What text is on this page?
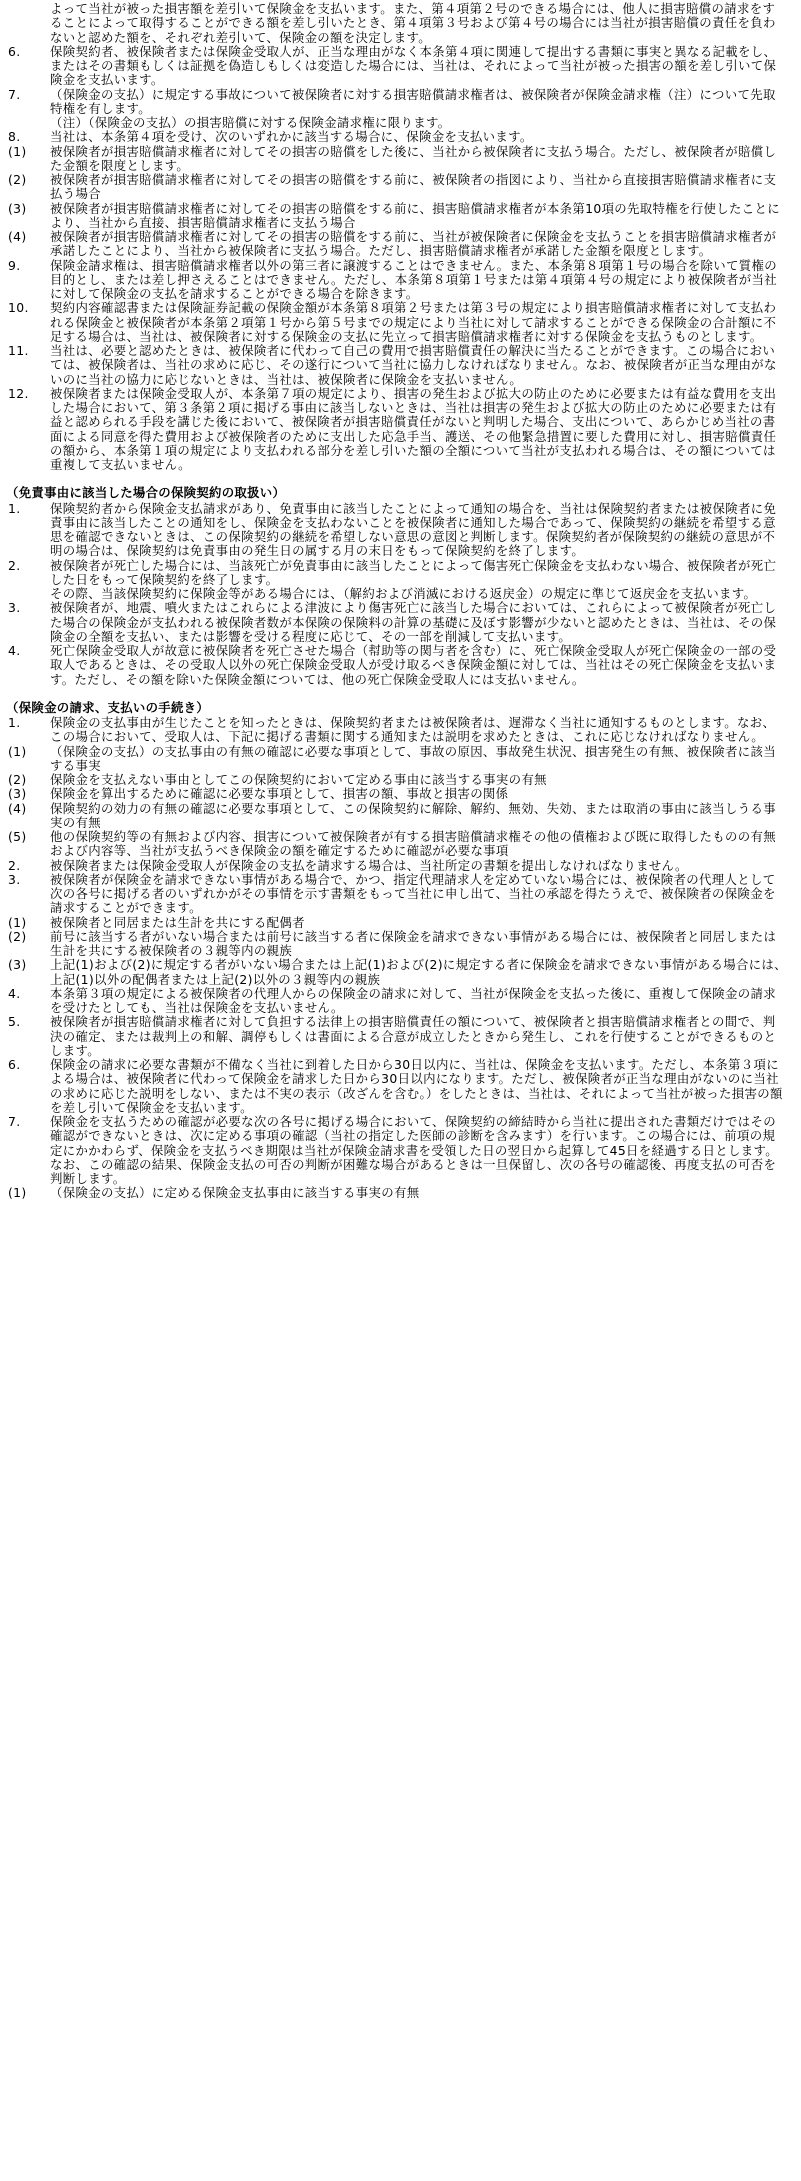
よって当社が被った損害額を差引いて保険金を支払います。また、第４項第２号のできる場合には、他人に損害賠償の請求をすることによって取得することができる額を差し引いたとき、第４項第３号および第４号の場合には当社が損害賠償の責任を負わないと認めた額を、それぞれ差引いて、保険金の額を決定します。
6.	保険契約者、被保険者または保険金受取人が、正当な理由がなく本条第４項に関連して提出する書類に事実と異なる記載をし、またはその書類もしくは証拠を偽造しもしくは変造した場合には、当社は、それによって当社が被った損害の額を差し引いて保険金を支払います。
7.	（保険金の支払）に規定する事故について被保険者に対する損害賠償請求権者は、被保険者が保険金請求権（注）について先取特権を有します。
（注）（保険金の支払）の損害賠償に対する保険金請求権に限ります。
8.	当社は、本条第４項を受け、次のいずれかに該当する場合に、保険金を支払います。
(1)	被保険者が損害賠償請求権者に対してその損害の賠償をした後に、当社から被保険者に支払う場合。ただし、被保険者が賠償した金額を限度とします。
(2)	被保険者が損害賠償請求権者に対してその損害の賠償をする前に、被保険者の指図により、当社から直接損害賠償請求権者に支払う場合
(3)	被保険者が損害賠償請求権者に対してその損害の賠償をする前に、損害賠償請求権者が本条第10項の先取特権を行使したことにより、当社から直接、損害賠償請求権者に支払う場合
(4)	被保険者が損害賠償請求権者に対してその損害の賠償をする前に、当社が被保険者に保険金を支払うことを損害賠償請求権者が承諾したことにより、当社から被保険者に支払う場合。ただし、損害賠償請求権者が承諾した金額を限度とします。
9.	保険金請求権は、損害賠償請求権者以外の第三者に譲渡することはできません。また、本条第８項第１号の場合を除いて質権の目的とし、または差し押さえることはできません。ただし、本条第８項第１号または第４項第４号の規定により被保険者が当社に対して保険金の支払を請求することができる場合を除きます。
10.	契約内容確認書または保険証券記載の保険金額が本条第８項第２号または第３号の規定により損害賠償請求権者に対して支払われる保険金と被保険者が本条第２項第１号から第５号までの規定により当社に対して請求することができる保険金の合計額に不足する場合は、当社は、被保険者に対する保険金の支払に先立って損害賠償請求権者に対する保険金を支払うものとします。
11.	当社は、必要と認めたときは、被保険者に代わって自己の費用で損害賠償責任の解決に当たることができます。この場合においては、被保険者は、当社の求めに応じ、その遂行について当社に協力しなければなりません。なお、被保険者が正当な理由がないのに当社の協力に応じないときは、当社は、被保険者に保険金を支払いません。
12.	被保険者または保険金受取人が、本条第７項の規定により、損害の発生および拡大の防止のために必要または有益な費用を支出した場合において、第３条第２項に掲げる事由に該当しないときは、当社は損害の発生および拡大の防止のために必要または有益と認められる手段を講じた後において、被保険者が損害賠償責任がないと判明した場合、支出について、あらかじめ当社の書面による同意を得た費用および被保険者のために支出した応急手当、護送、その他緊急措置に要した費用に対し、損害賠償責任の額から、本条第１項の規定により支払われる部分を差し引いた額の全額について当社が支払われる場合は、その額については重複して支払いません。
（免責事由に該当した場合の保険契約の取扱い）
1.	保険契約者から保険金支払請求があり、免責事由に該当したことによって通知の場合を、当社は保険契約者または被保険者に免責事由に該当したことの通知をし、保険金を支払わないことを被保険者に通知した場合であって、保険契約の継続を希望する意思を確認できないときは、この保険契約の継続を希望しない意思の意図と判断します。保険契約者が保険契約の継続の意思が不明の場合は、保険契約は免責事由の発生日の属する月の末日をもって保険契約を終了します。
2.	被保険者が死亡した場合には、当該死亡が免責事由に該当したことによって傷害死亡保険金を支払わない場合、被保険者が死亡した日をもって保険契約を終了します。
その際、当該保険契約に保険金等がある場合には、（解約および消滅における返戻金）の規定に準じて返戻金を支払います。
3.	被保険者が、地震、噴火またはこれらによる津波により傷害死亡に該当した場合においては、これらによって被保険者が死亡した場合の保険金が支払われる被保険者数が本保険の保険料の計算の基礎に及ぼす影響が少ないと認めたときは、当社は、その保険金の全額を支払い、または影響を受ける程度に応じて、その一部を削減して支払います。
4.	死亡保険金受取人が故意に被保険者を死亡させた場合（幇助等の関与者を含む）に、死亡保険金受取人が死亡保険金の一部の受取人であるときは、その受取人以外の死亡保険金受取人が受け取るべき保険金額に対しては、当社はその死亡保険金を支払います。ただし、その額を除いた保険金額については、他の死亡保険金受取人には支払いません。
（保険金の請求、支払いの手続き）
1.	保険金の支払事由が生じたことを知ったときは、保険契約者または被保険者は、遅滞なく当社に通知するものとします。なお、この場合において、受取人は、下記に掲げる書類に関する通知または説明を求めたときは、これに応じなければなりません。
(1)	（保険金の支払）の支払事由の有無の確認に必要な事項として、事故の原因、事故発生状況、損害発生の有無、被保険者に該当する事実
(2)	保険金を支払えない事由としてこの保険契約において定める事由に該当する事実の有無
(3)	保険金を算出するために確認に必要な事項として、損害の額、事故と損害の関係
(4)	保険契約の効力の有無の確認に必要な事項として、この保険契約に解除、解約、無効、失効、または取消の事由に該当しうる事実の有無
(5)	他の保険契約等の有無および内容、損害について被保険者が有する損害賠償請求権その他の債権および既に取得したものの有無および内容等、当社が支払うべき保険金の額を確定するために確認が必要な事項
2.	被保険者または保険金受取人が保険金の支払を請求する場合は、当社所定の書類を提出しなければなりません。
3.	被保険者が保険金を請求できない事情がある場合で、かつ、指定代理請求人を定めていない場合には、被保険者の代理人として次の各号に掲げる者のいずれかがその事情を示す書類をもって当社に申し出て、当社の承認を得たうえで、被保険者の保険金を請求することができます。
(1)	被保険者と同居または生計を共にする配偶者
(2)	前号に該当する者がいない場合または前号に該当する者に保険金を請求できない事情がある場合には、被保険者と同居しまたは生計を共にする被保険者の３親等内の親族
(3)	上記(1)および(2)に規定する者がいない場合または上記(1)および(2)に規定する者に保険金を請求できない事情がある場合には、上記(1)以外の配偶者または上記(2)以外の３親等内の親族
4.	本条第３項の規定による被保険者の代理人からの保険金の請求に対して、当社が保険金を支払った後に、重複して保険金の請求を受けたとしても、当社は保険金を支払いません。
5.	被保険者が損害賠償請求権者に対して負担する法律上の損害賠償責任の額について、被保険者と損害賠償請求権者との間で、判決の確定、または裁判上の和解、調停もしくは書面による合意が成立したときから発生し、これを行使することができるものとします。
6.	保険金の請求に必要な書類が不備なく当社に到着した日から30日以内に、当社は、保険金を支払います。ただし、本条第３項による場合は、被保険者に代わって保険金を請求した日から30日以内になります。ただし、被保険者が正当な理由がないのに当社の求めに応じた説明をしない、または不実の表示（改ざんを含む。）をしたときは、当社は、それによって当社が被った損害の額を差し引いて保険金を支払います。
7.	保険金を支払うための確認が必要な次の各号に掲げる場合において、保険契約の締結時から当社に提出された書類だけではその確認ができないときは、次に定める事項の確認（当社の指定した医師の診断を含みます）を行います。この場合には、前項の規定にかかわらず、保険金を支払うべき期限は当社が保険金請求書を受領した日の翌日から起算して45日を経過する日とします。なお、この確認の結果、保険金支払の可否の判断が困難な場合があるときは一旦保留し、次の各号の確認後、再度支払の可否を判断します。
(1)	（保険金の支払）に定める保険金支払事由に該当する事実の有無
